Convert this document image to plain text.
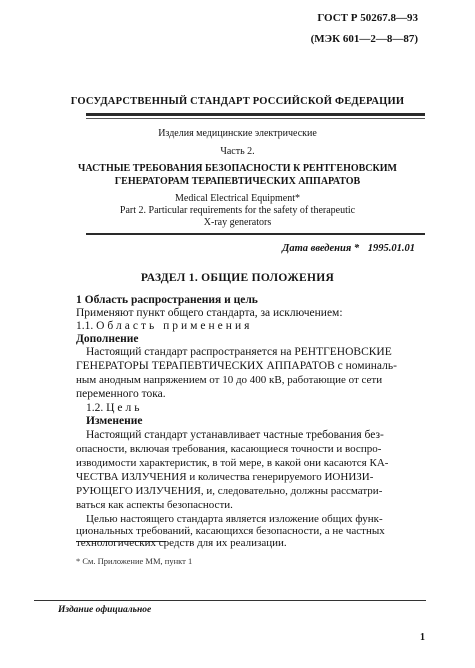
ГОСТ Р 50267.8—93
(МЭК 601—2—8—87)
ГОСУДАРСТВЕННЫЙ СТАНДАРТ РОССИЙСКОЙ ФЕДЕРАЦИИ
Изделия медицинские электрические
Часть 2.
ЧАСТНЫЕ ТРЕБОВАНИЯ БЕЗОПАСНОСТИ К РЕНТГЕНОВСКИМ
ГЕНЕРАТОРАМ ТЕРАПЕВТИЧЕСКИХ АППАРАТОВ
Medical Electrical Equipment*
Part 2. Particular requirements for the safety of therapeutic
X-ray generators
Дата введения * 1995.01.01
РАЗДЕЛ 1. ОБЩИЕ ПОЛОЖЕНИЯ
1 Область распространения и цель
Применяют пункт общего стандарта, за исключением:
1.1. Область применения
Дополнение
Настоящий стандарт распространяется на РЕНТГЕНОВСКИЕ
ГЕНЕРАТОРЫ ТЕРАПЕВТИЧЕСКИХ АППАРАТОВ с номиналь-
ным анодным напряжением от 10 до 400 кВ, работающие от сети
переменного тока.
1.2. Цель
Изменение
Настоящий стандарт устанавливает частные требования без-
опасности, включая требования, касающиеся точности и воспро-
изводимости характеристик, в той мере, в какой они касаются КА-
ЧЕСТВА ИЗЛУЧЕНИЯ и количества генерируемого ИОНИЗИ-
РУЮЩЕГО ИЗЛУЧЕНИЯ, и, следовательно, должны рассматри-
ваться как аспекты безопасности.
Целью настоящего стандарта является изложение общих функ-
циональных требований, касающихся безопасности, а не частных
технологических средств для их реализации.
* См. Приложение ММ, пункт 1
Издание официальное
1
